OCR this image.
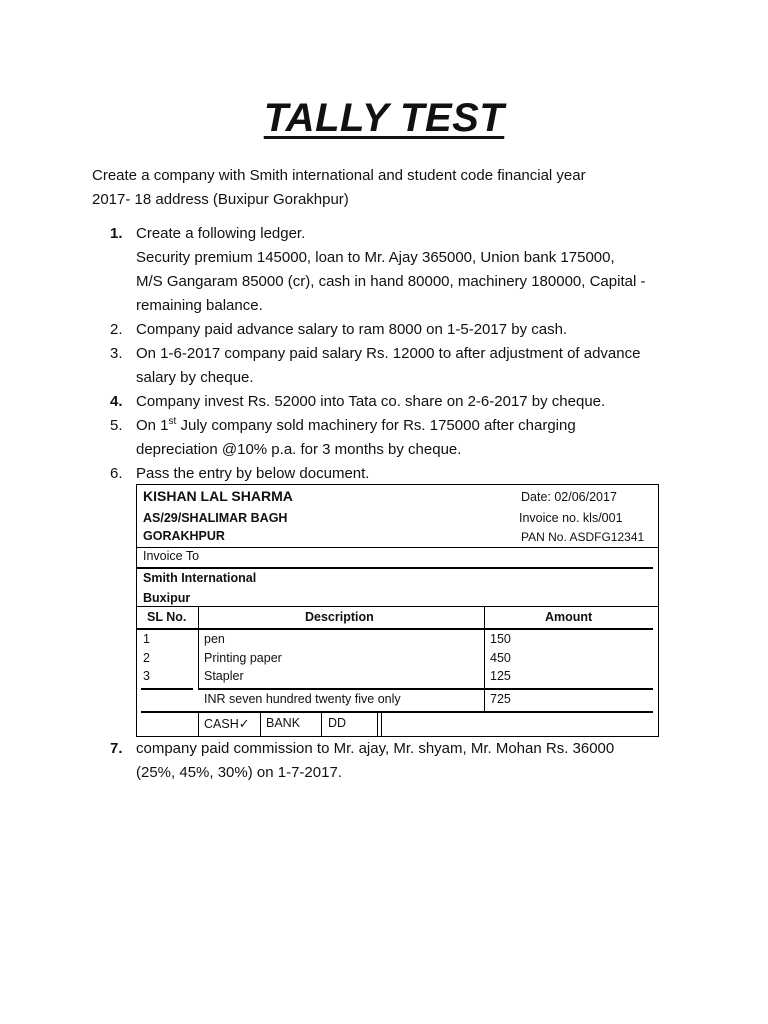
TALLY TEST
Create a company with Smith international and student code financial year
2017- 18 address (Buxipur Gorakhpur)
1. Create a following ledger.
Security premium 145000, loan to Mr. Ajay 365000, Union bank 175000,
M/S Gangaram 85000 (cr), cash in hand 80000, machinery 180000, Capital -
remaining balance.
2. Company paid advance salary to ram 8000 on 1-5-2017 by cash.
3. On 1-6-2017 company paid salary Rs. 12000 to after adjustment of advance
salary by cheque.
4. Company invest Rs. 52000 into Tata co. share on 2-6-2017 by cheque.
5. On 1st July company sold machinery for Rs. 175000 after charging
depreciation @10% p.a. for 3 months by cheque.
6. Pass the entry by below document.
KISHAN LAL SHARMA
AS/29/SHALIMAR BAGH
GORAKHPUR
Date: 02/06/2017
Invoice no. kls/001
PAN No. ASDFG12341
Invoice To
Smith International
Buxipur
SL No.	Description	Amount
1	pen	150
2	Printing paper	450
3	Stapler	125
INR seven hundred twenty five only	725
CASH✓ BANK DD
7. company paid commission to Mr. ajay, Mr. shyam, Mr. Mohan Rs. 36000
(25%, 45%, 30%) on 1-7-2017.
